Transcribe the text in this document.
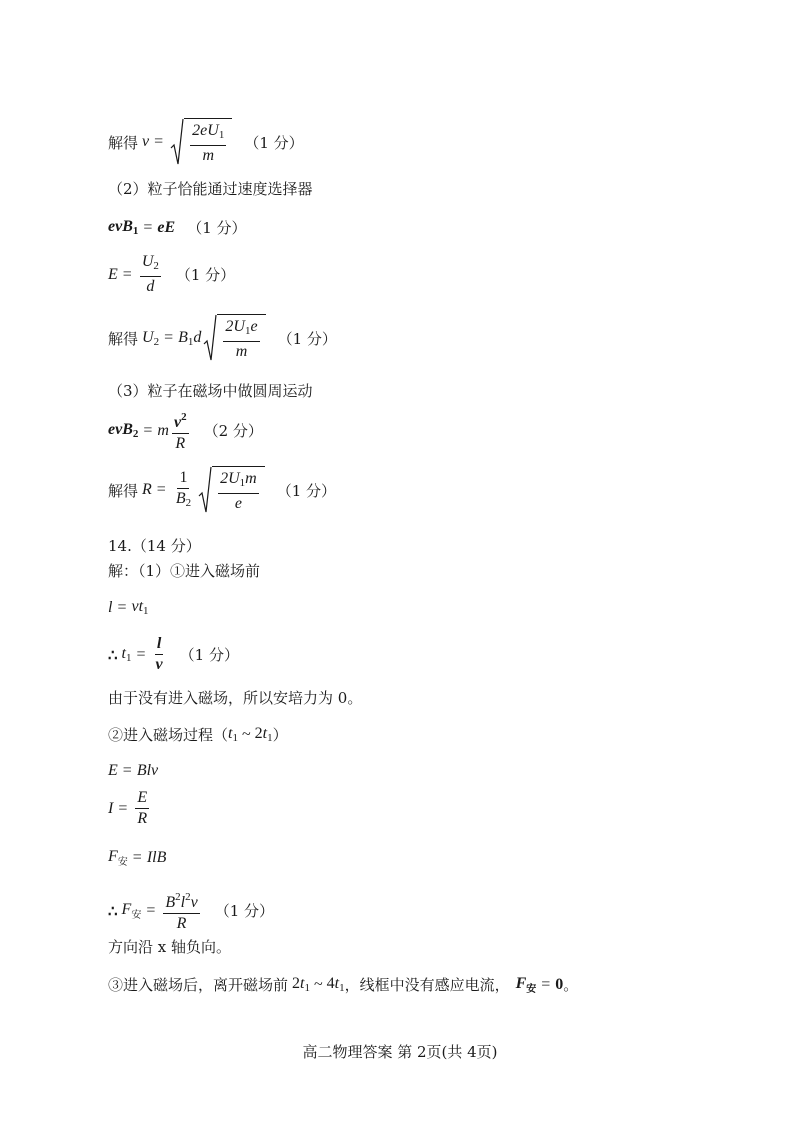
解得 $v = \frac{2eU_1}{m} (1$ 分）
（2）粒子恰能通过速度选择器
evB$_1$ = eE （1 分）
$E = \frac{U_2}{d} (1$ 分）
解得 $U_2 = B_1d \frac{2U_1e}{m} (1$ 分）
（3）粒子在磁场中做圆周运动
evB$_2$ = m $\frac{v^2}{R} (2$ 分）
解得 $R = \frac{1}{B_2} \frac{2U_1m}{e} (1$ 分）
14.（14 分）
解：（1）①进入磁场前
$l = vt_1$
∴ $t_1 = \frac{l}{v} (1$ 分）
由于没有进入磁场，所以安培力为 0。
②进入磁场过程（ $t_1$ ~ $2t_1$ ）
E = Blv
$I = \frac{E}{R}$
$F_安$ = IlB
∴ $F_安 = \frac{B^2l^2v}{R} (1$ 分）
方向沿 x 轴负向。
③进入磁场后，离开磁场前 $2t_1$ ~ $4t_1$ ，线框中没有感应电流， $F_安 = 0$ 。
高二物理答案 第 2页(共 4页)
